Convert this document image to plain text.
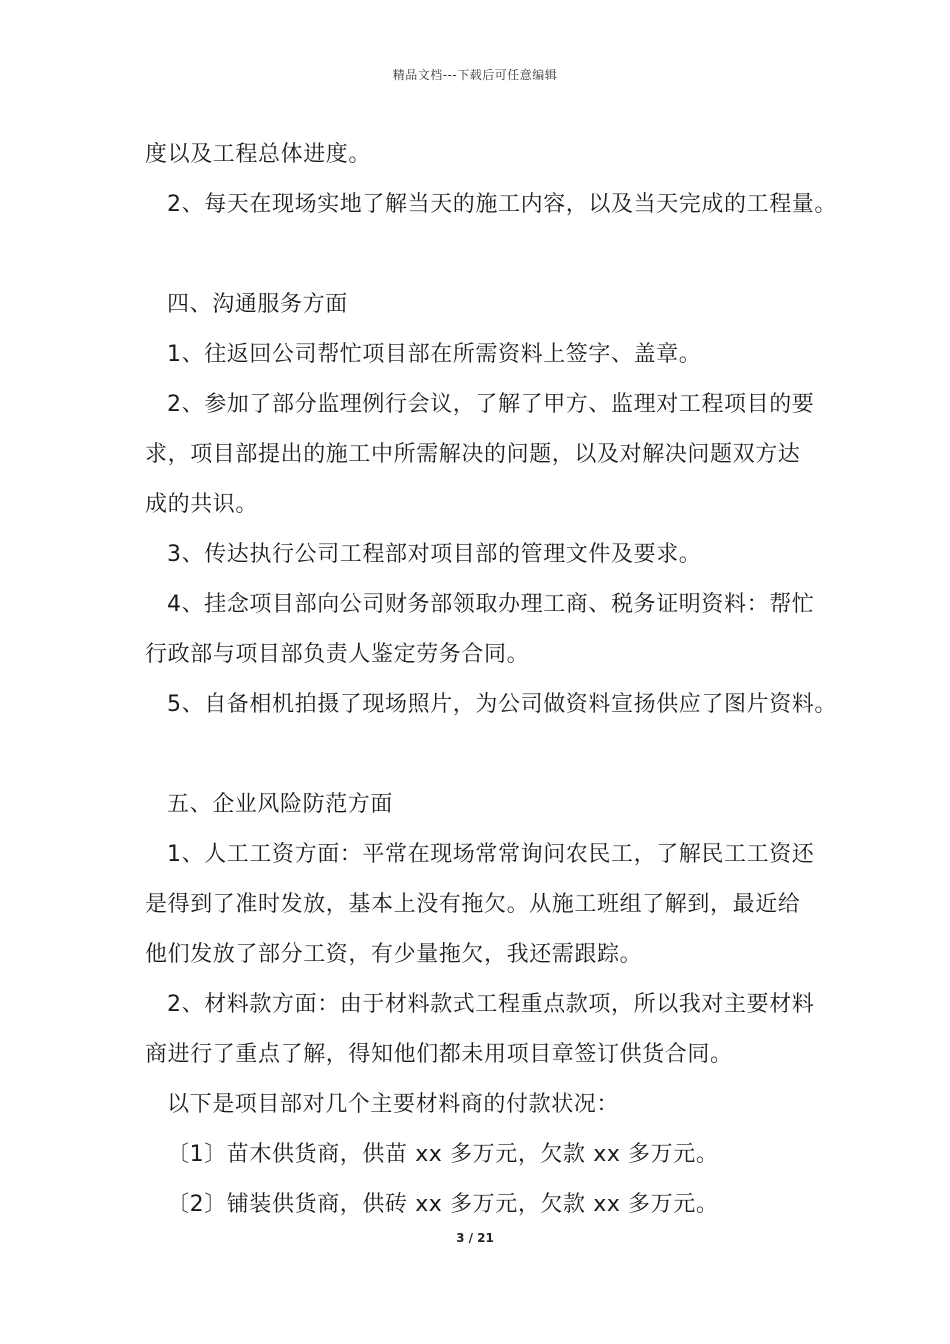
精品文档---下载后可任意编辑
度以及工程总体进度。
2、每天在现场实地了解当天的施工内容，以及当天完成的工程量。
四、沟通服务方面
1、往返回公司帮忙项目部在所需资料上签字、盖章。
2、参加了部分监理例行会议，了解了甲方、监理对工程项目的要
求，项目部提出的施工中所需解决的问题，以及对解决问题双方达
成的共识。
3、传达执行公司工程部对项目部的管理文件及要求。
4、挂念项目部向公司财务部领取办理工商、税务证明资料：帮忙
行政部与项目部负责人鉴定劳务合同。
5、自备相机拍摄了现场照片，为公司做资料宣扬供应了图片资料。
五、企业风险防范方面
1、人工工资方面：平常在现场常常询问农民工，了解民工工资还
是得到了准时发放，基本上没有拖欠。从施工班组了解到，最近给
他们发放了部分工资，有少量拖欠，我还需跟踪。
2、材料款方面：由于材料款式工程重点款项，所以我对主要材料
商进行了重点了解，得知他们都未用项目章签订供货合同。
以下是项目部对几个主要材料商的付款状况：
〔1〕苗木供货商，供苗 xx 多万元，欠款 xx 多万元。
〔2〕铺装供货商，供砖 xx 多万元，欠款 xx 多万元。
3 / 21
